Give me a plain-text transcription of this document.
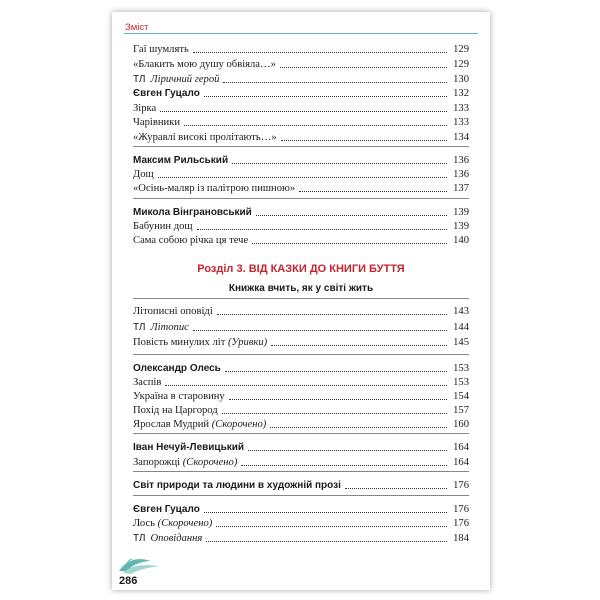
Зміст
Розділ 3. ВІД КАЗКИ ДО КНИГИ БУТТЯ
Книжка вчить, як у світі жить
Гаї шумлять	129
«Блакить мою душу обвіяла…»	129
ТЛ Ліричний герой	130
Євген Гуцало	132
Зірка	133
Чарівники	133
«Журавлі високі пролітають…»	134
Максим Рильський	136
Дощ	136
«Осінь-маляр із палітрою пишною»	137
Микола Вінграновський	139
Бабунин дощ	139
Сама собою річка ця тече	140
Літописні оповіді	143
ТЛ Літопис	144
Повість минулих літ (Уривки)	145
Олександр Олесь	153
Заспів	153
Україна в старовину	154
Похід на Царгород	157
Ярослав Мудрий (Скорочено)	160
Іван Нечуй-Левицький	164
Запорожці (Скорочено)	164
Світ природи та людини в художній прозі	176
Євген Гуцало	176
Лось (Скорочено)	176
ТЛ Оповідання	184
286
